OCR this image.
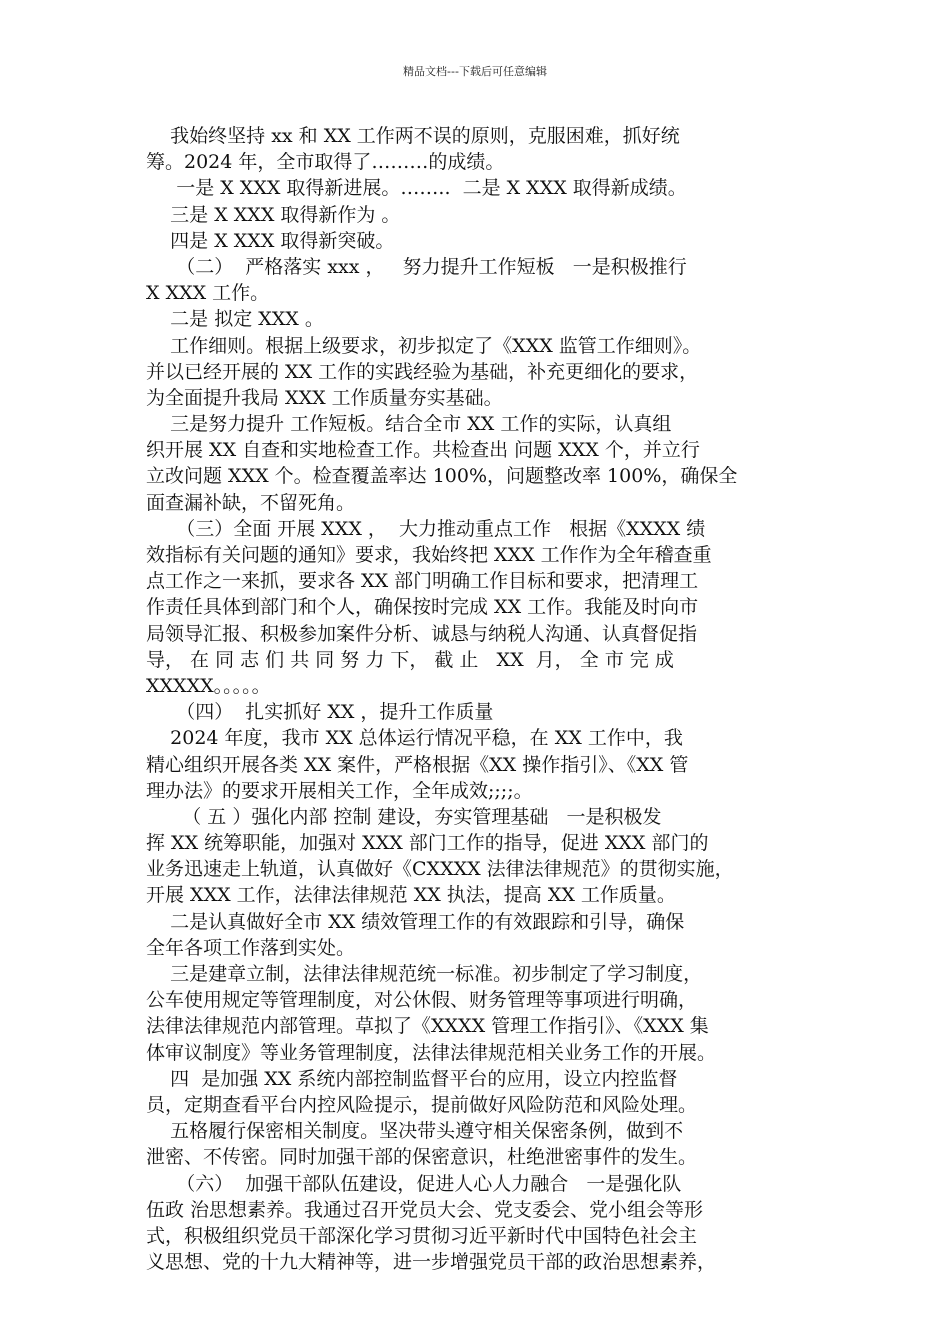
精品文档---下载后可任意编辑
我始终坚持 xx 和 XX 工作两不误的原则，克服困难，抓好统
筹。2024 年，全市取得了………的成绩。
一是 X XXX 取得新进展。……..  二是 X XXX 取得新成绩。
三是 X XXX 取得新作为 。
四是 X XXX 取得新突破。
（二）  严格落实 xxx ，   努力提升工作短板   一是积极推行
X XXX 工作。
二是 拟定 XXX 。
工作细则。根据上级要求，初步拟定了《XXX 监管工作细则》。
并以已经开展的 XX 工作的实践经验为基础，补充更细化的要求，
为全面提升我局 XXX 工作质量夯实基础。
三是努力提升 工作短板。结合全市 XX 工作的实际，认真组
织开展 XX 自查和实地检查工作。共检查出 问题 XXX 个，并立行
立改问题 XXX 个。检查覆盖率达 100%，问题整改率 100%，确保全
面查漏补缺，不留死角。
（三）全面 开展 XXX ，  大力推动重点工作   根据《XXXX 绩
效指标有关问题的通知》要求，我始终把 XXX 工作作为全年稽查重
点工作之一来抓，要求各 XX 部门明确工作目标和要求，把清理工
作责任具体到部门和个人，确保按时完成 XX 工作。我能及时向市
局领导汇报、积极参加案件分析、诚恳与纳税人沟通、认真督促指
导， 在 同 志 们 共 同 努 力 下， 截 止   XX  月， 全 市 完 成
XXXXX。。。。。
（四）  扎实抓好 XX ，提升工作质量
2024 年度，我市 XX 总体运行情况平稳，在 XX 工作中，我
精心组织开展各类 XX 案件，严格根据《XX 操作指引》、《XX 管
理办法》的要求开展相关工作，全年成效;;;;。
（ 五 ）强化内部 控制 建设，夯实管理基础   一是积极发
挥 XX 统筹职能，加强对 XXX 部门工作的指导，促进 XXX 部门的
业务迅速走上轨道，认真做好《CXXXX 法律法律规范》的贯彻实施，
开展 XXX 工作，法律法律规范 XX 执法，提高 XX 工作质量。
二是认真做好全市 XX 绩效管理工作的有效跟踪和引导，确保
全年各项工作落到实处。
三是建章立制，法律法律规范统一标准。初步制定了学习制度，
公车使用规定等管理制度，对公休假、财务管理等事项进行明确，
法律法律规范内部管理。草拟了《XXXX 管理工作指引》、《XXX 集
体审议制度》等业务管理制度，法律法律规范相关业务工作的开展。
四  是加强 XX 系统内部控制监督平台的应用，设立内控监督
员，定期查看平台内控风险提示，提前做好风险防范和风险处理。
五格履行保密相关制度。坚决带头遵守相关保密条例，做到不
泄密、不传密。同时加强干部的保密意识，杜绝泄密事件的发生。
（六）  加强干部队伍建设，促进人心人力融合   一是强化队
伍政 治思想素养。我通过召开党员大会、党支委会、党小组会等形
式，积极组织党员干部深化学习贯彻习近平新时代中国特色社会主
义思想、党的十九大精神等，进一步增强党员干部的政治思想素养，
